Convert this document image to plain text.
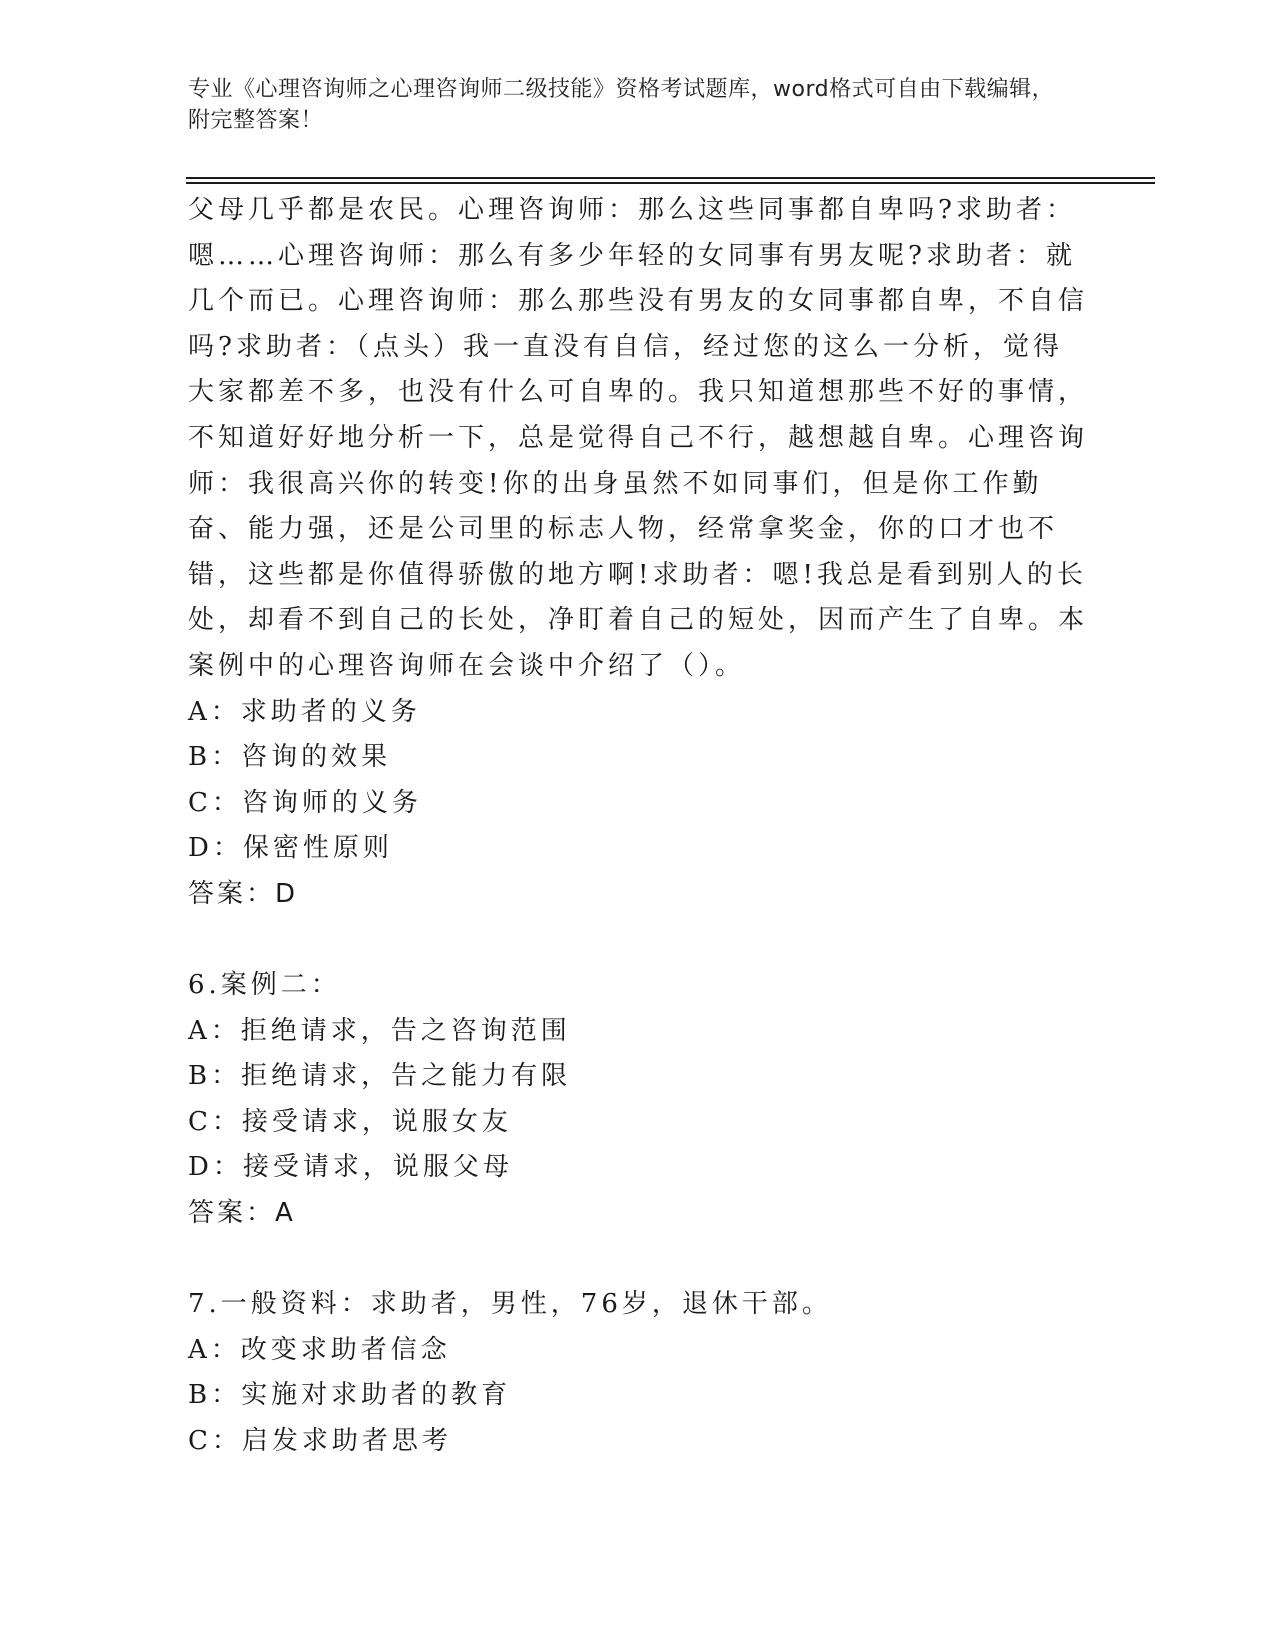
专业《心理咨询师之心理咨询师二级技能》资格考试题库，word格式可自由下载编辑，附完整答案！

父母几乎都是农民。心理咨询师：那么这些同事都自卑吗?求助者：嗯……心理咨询师：那么有多少年轻的女同事有男友呢?求助者：就几个而已。心理咨询师：那么那些没有男友的女同事都自卑，不自信吗?求助者：（点头）我一直没有自信，经过您的这么一分析，觉得大家都差不多，也没有什么可自卑的。我只知道想那些不好的事情，不知道好好地分析一下，总是觉得自己不行，越想越自卑。心理咨询师：我很高兴你的转变!你的出身虽然不如同事们，但是你工作勤奋、能力强，还是公司里的标志人物，经常拿奖金，你的口才也不错，这些都是你值得骄傲的地方啊!求助者：嗯!我总是看到别人的长处，却看不到自己的长处，净盯着自己的短处，因而产生了自卑。本案例中的心理咨询师在会谈中介绍了（）。

A：求助者的义务
B：咨询的效果
C：咨询师的义务
D：保密性原则
答案：D
6.案例二：
A：拒绝请求，告之咨询范围
B：拒绝请求，告之能力有限
C：接受请求，说服女友
D：接受请求，说服父母
答案：A
7.一般资料：求助者，男性，76岁，退休干部。
A：改变求助者信念
B：实施对求助者的教育
C：启发求助者思考
